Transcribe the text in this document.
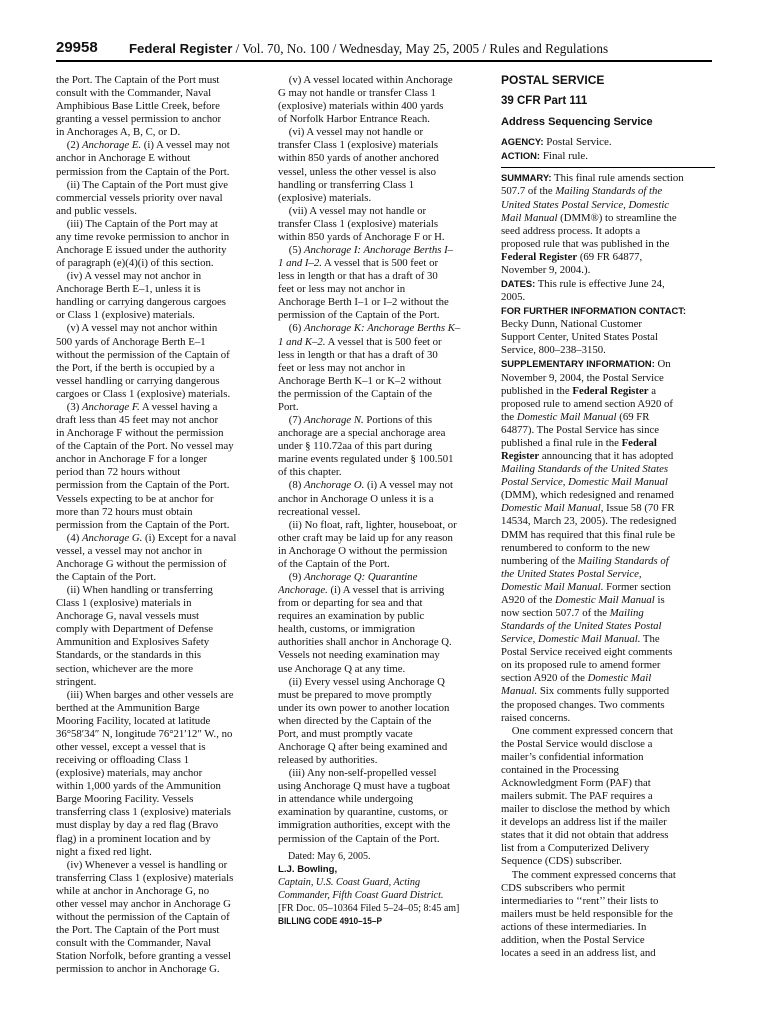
29958 Federal Register / Vol. 70, No. 100 / Wednesday, May 25, 2005 / Rules and Regulations
the Port. The Captain of the Port must
consult with the Commander, Naval
Amphibious Base Little Creek, before
granting a vessel permission to anchor
in Anchorages A, B, C, or D.
 (2) Anchorage E. (i) A vessel may not
anchor in Anchorage E without
permission from the Captain of the Port.
 (ii) The Captain of the Port must give
commercial vessels priority over naval
and public vessels.
 (iii) The Captain of the Port may at
any time revoke permission to anchor in
Anchorage E issued under the authority
of paragraph (e)(4)(i) of this section.
 (iv) A vessel may not anchor in
Anchorage Berth E–1, unless it is
handling or carrying dangerous cargoes
or Class 1 (explosive) materials.
 (v) A vessel may not anchor within
500 yards of Anchorage Berth E–1
without the permission of the Captain of
the Port, if the berth is occupied by a
vessel handling or carrying dangerous
cargoes or Class 1 (explosive) materials.
 (3) Anchorage F. A vessel having a
draft less than 45 feet may not anchor
in Anchorage F without the permission
of the Captain of the Port. No vessel may
anchor in Anchorage F for a longer
period than 72 hours without
permission from the Captain of the Port.
Vessels expecting to be at anchor for
more than 72 hours must obtain
permission from the Captain of the Port.
 (4) Anchorage G. (i) Except for a naval
vessel, a vessel may not anchor in
Anchorage G without the permission of
the Captain of the Port.
 (ii) When handling or transferring
Class 1 (explosive) materials in
Anchorage G, naval vessels must
comply with Department of Defense
Ammunition and Explosives Safety
Standards, or the standards in this
section, whichever are the more
stringent.
 (iii) When barges and other vessels are
berthed at the Ammunition Barge
Mooring Facility, located at latitude
36°58′34″ N, longitude 76°21′12″ W., no
other vessel, except a vessel that is
receiving or offloading Class 1
(explosive) materials, may anchor
within 1,000 yards of the Ammunition
Barge Mooring Facility. Vessels
transferring class 1 (explosive) materials
must display by day a red flag (Bravo
flag) in a prominent location and by
night a fixed red light.
 (iv) Whenever a vessel is handling or
transferring Class 1 (explosive) materials
while at anchor in Anchorage G, no
other vessel may anchor in Anchorage G
without the permission of the Captain of
the Port. The Captain of the Port must
consult with the Commander, Naval
Station Norfolk, before granting a vessel
permission to anchor in Anchorage G.
 (v) A vessel located within Anchorage
G may not handle or transfer Class 1
(explosive) materials within 400 yards
of Norfolk Harbor Entrance Reach.
 (vi) A vessel may not handle or
transfer Class 1 (explosive) materials
within 850 yards of another anchored
vessel, unless the other vessel is also
handling or transferring Class 1
(explosive) materials.
 (vii) A vessel may not handle or
transfer Class 1 (explosive) materials
within 850 yards of Anchorage F or H.
 (5) Anchorage I: Anchorage Berths I–
1 and I–2. A vessel that is 500 feet or
less in length or that has a draft of 30
feet or less may not anchor in
Anchorage Berth I–1 or I–2 without the
permission of the Captain of the Port.
 (6) Anchorage K: Anchorage Berths K–
1 and K–2. A vessel that is 500 feet or
less in length or that has a draft of 30
feet or less may not anchor in
Anchorage Berth K–1 or K–2 without
the permission of the Captain of the
Port.
 (7) Anchorage N. Portions of this
anchorage are a special anchorage area
under § 110.72aa of this part during
marine events regulated under § 100.501
of this chapter.
 (8) Anchorage O. (i) A vessel may not
anchor in Anchorage O unless it is a
recreational vessel.
 (ii) No float, raft, lighter, houseboat, or
other craft may be laid up for any reason
in Anchorage O without the permission
of the Captain of the Port.
 (9) Anchorage Q: Quarantine
Anchorage. (i) A vessel that is arriving
from or departing for sea and that
requires an examination by public
health, customs, or immigration
authorities shall anchor in Anchorage Q.
Vessels not needing examination may
use Anchorage Q at any time.
 (ii) Every vessel using Anchorage Q
must be prepared to move promptly
under its own power to another location
when directed by the Captain of the
Port, and must promptly vacate
Anchorage Q after being examined and
released by authorities.
 (iii) Any non-self-propelled vessel
using Anchorage Q must have a tugboat
in attendance while undergoing
examination by quarantine, customs, or
immigration authorities, except with the
permission of the Captain of the Port.
Dated: May 6, 2005.
L.J. Bowling,
Captain, U.S. Coast Guard, Acting
Commander, Fifth Coast Guard District.
[FR Doc. 05–10364 Filed 5–24–05; 8:45 am]
BILLING CODE 4910–15–P
POSTAL SERVICE
39 CFR Part 111
Address Sequencing Service
AGENCY: Postal Service.
ACTION: Final rule.
SUMMARY: This final rule amends section
507.7 of the Mailing Standards of the
United States Postal Service, Domestic
Mail Manual (DMM®) to streamline the
seed address process. It adopts a
proposed rule that was published in the
Federal Register (69 FR 64877,
November 9, 2004.).
DATES: This rule is effective June 24,
2005.
FOR FURTHER INFORMATION CONTACT:
Becky Dunn, National Customer
Support Center, United States Postal
Service, 800–238–3150.
SUPPLEMENTARY INFORMATION: On
November 9, 2004, the Postal Service
published in the Federal Register a
proposed rule to amend section A920 of
the Domestic Mail Manual (69 FR
64877). The Postal Service has since
published a final rule in the Federal
Register announcing that it has adopted
Mailing Standards of the United States
Postal Service, Domestic Mail Manual
(DMM), which redesigned and renamed
Domestic Mail Manual, Issue 58 (70 FR
14534, March 23, 2005). The redesigned
DMM has required that this final rule be
renumbered to conform to the new
numbering of the Mailing Standards of
the United States Postal Service,
Domestic Mail Manual. Former section
A920 of the Domestic Mail Manual is
now section 507.7 of the Mailing
Standards of the United States Postal
Service, Domestic Mail Manual. The
Postal Service received eight comments
on its proposed rule to amend former
section A920 of the Domestic Mail
Manual. Six comments fully supported
the proposed changes. Two comments
raised concerns.
 One comment expressed concern that
the Postal Service would disclose a
mailer’s confidential information
contained in the Processing
Acknowledgment Form (PAF) that
mailers submit. The PAF requires a
mailer to disclose the method by which
it develops an address list if the mailer
states that it did not obtain that address
list from a Computerized Delivery
Sequence (CDS) subscriber.
 The comment expressed concerns that
CDS subscribers who permit
intermediaries to ‘‘rent’’ their lists to
mailers must be held responsible for the
actions of these intermediaries. In
addition, when the Postal Service
locates a seed in an address list, and
